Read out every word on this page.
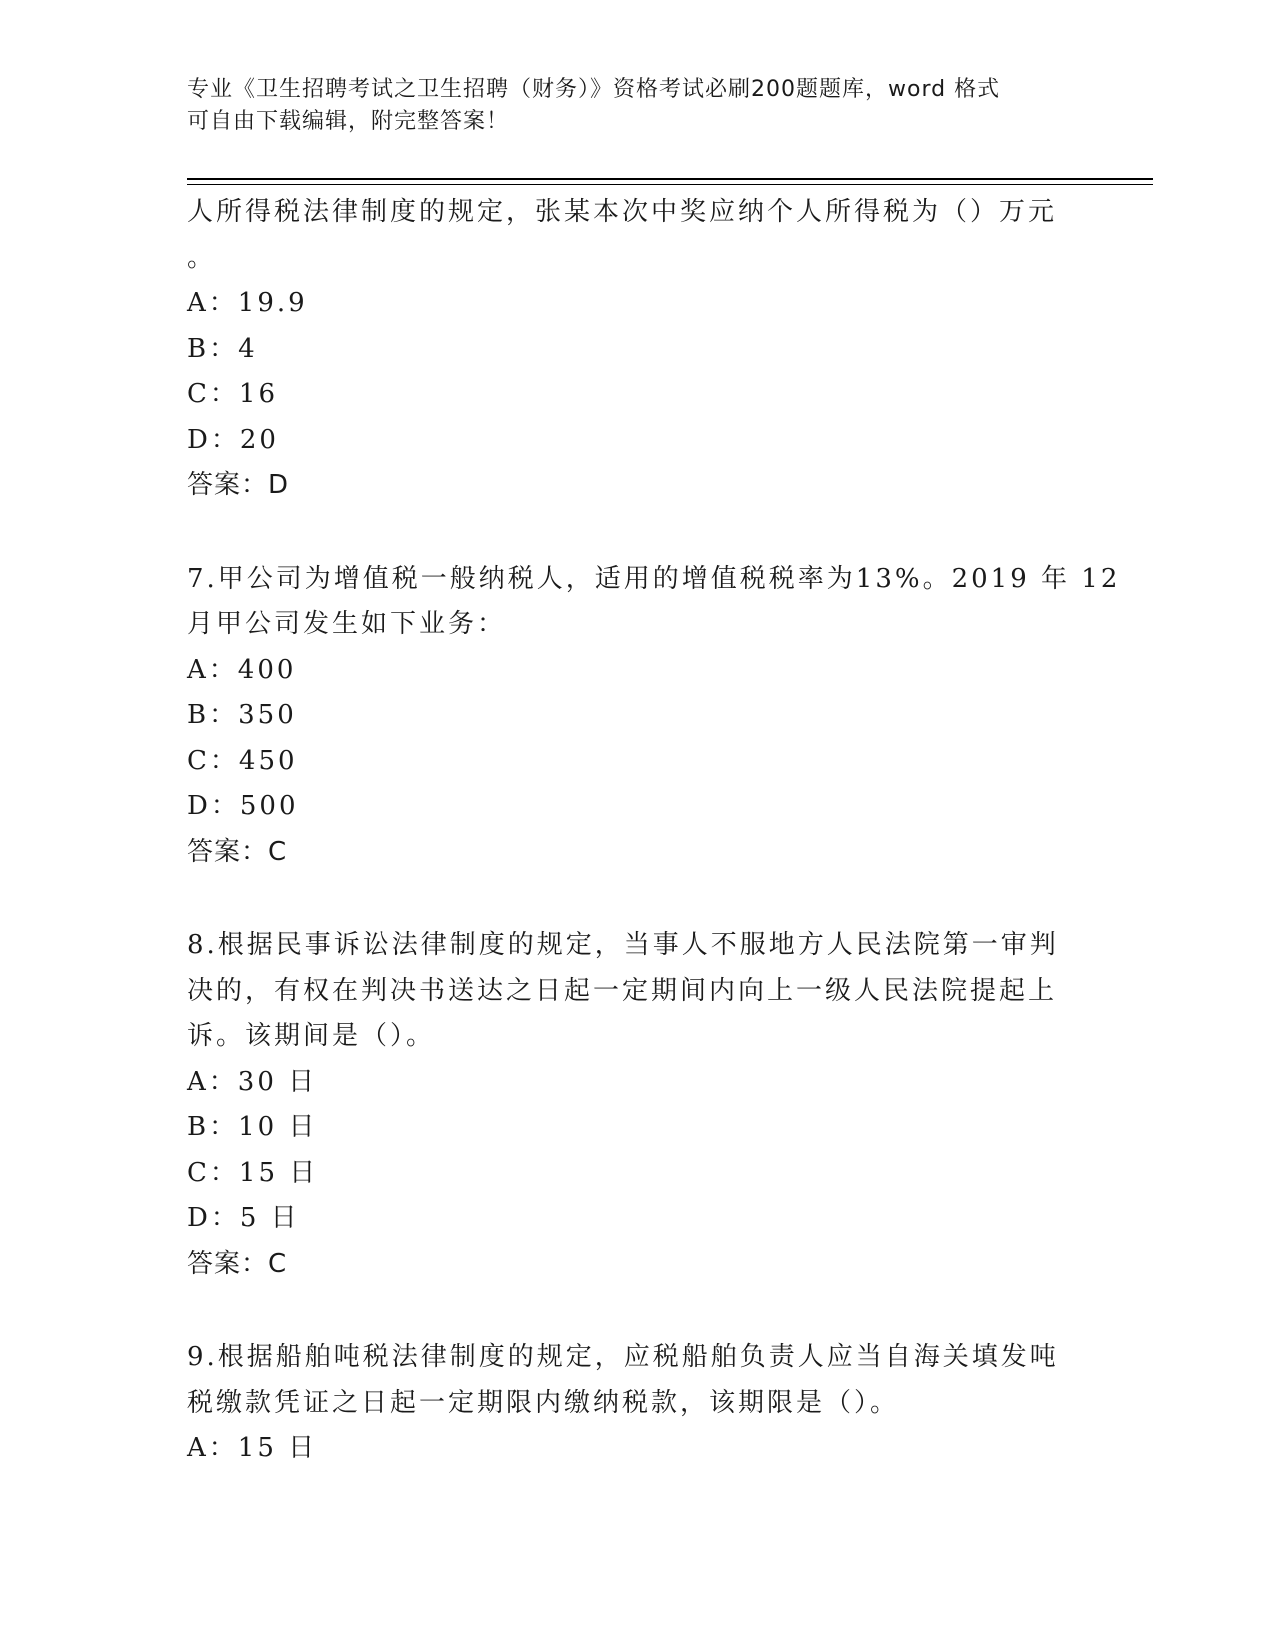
专业《卫生招聘考试之卫生招聘（财务）》资格考试必刷200题题库，word 格式
可自由下载编辑，附完整答案！
人所得税法律制度的规定，张某本次中奖应纳个人所得税为（）万元
。
A：19.9
B：4
C：16
D：20
答案：D
7.甲公司为增值税一般纳税人，适用的增值税税率为13%。2019 年 12
月甲公司发生如下业务：
A：400
B：350
C：450
D：500
答案：C
8.根据民事诉讼法律制度的规定，当事人不服地方人民法院第一审判
决的，有权在判决书送达之日起一定期间内向上一级人民法院提起上
诉。该期间是（）。
A：30 日
B：10 日
C：15 日
D：5 日
答案：C
9.根据船舶吨税法律制度的规定，应税船舶负责人应当自海关填发吨
税缴款凭证之日起一定期限内缴纳税款，该期限是（）。
A：15 日
